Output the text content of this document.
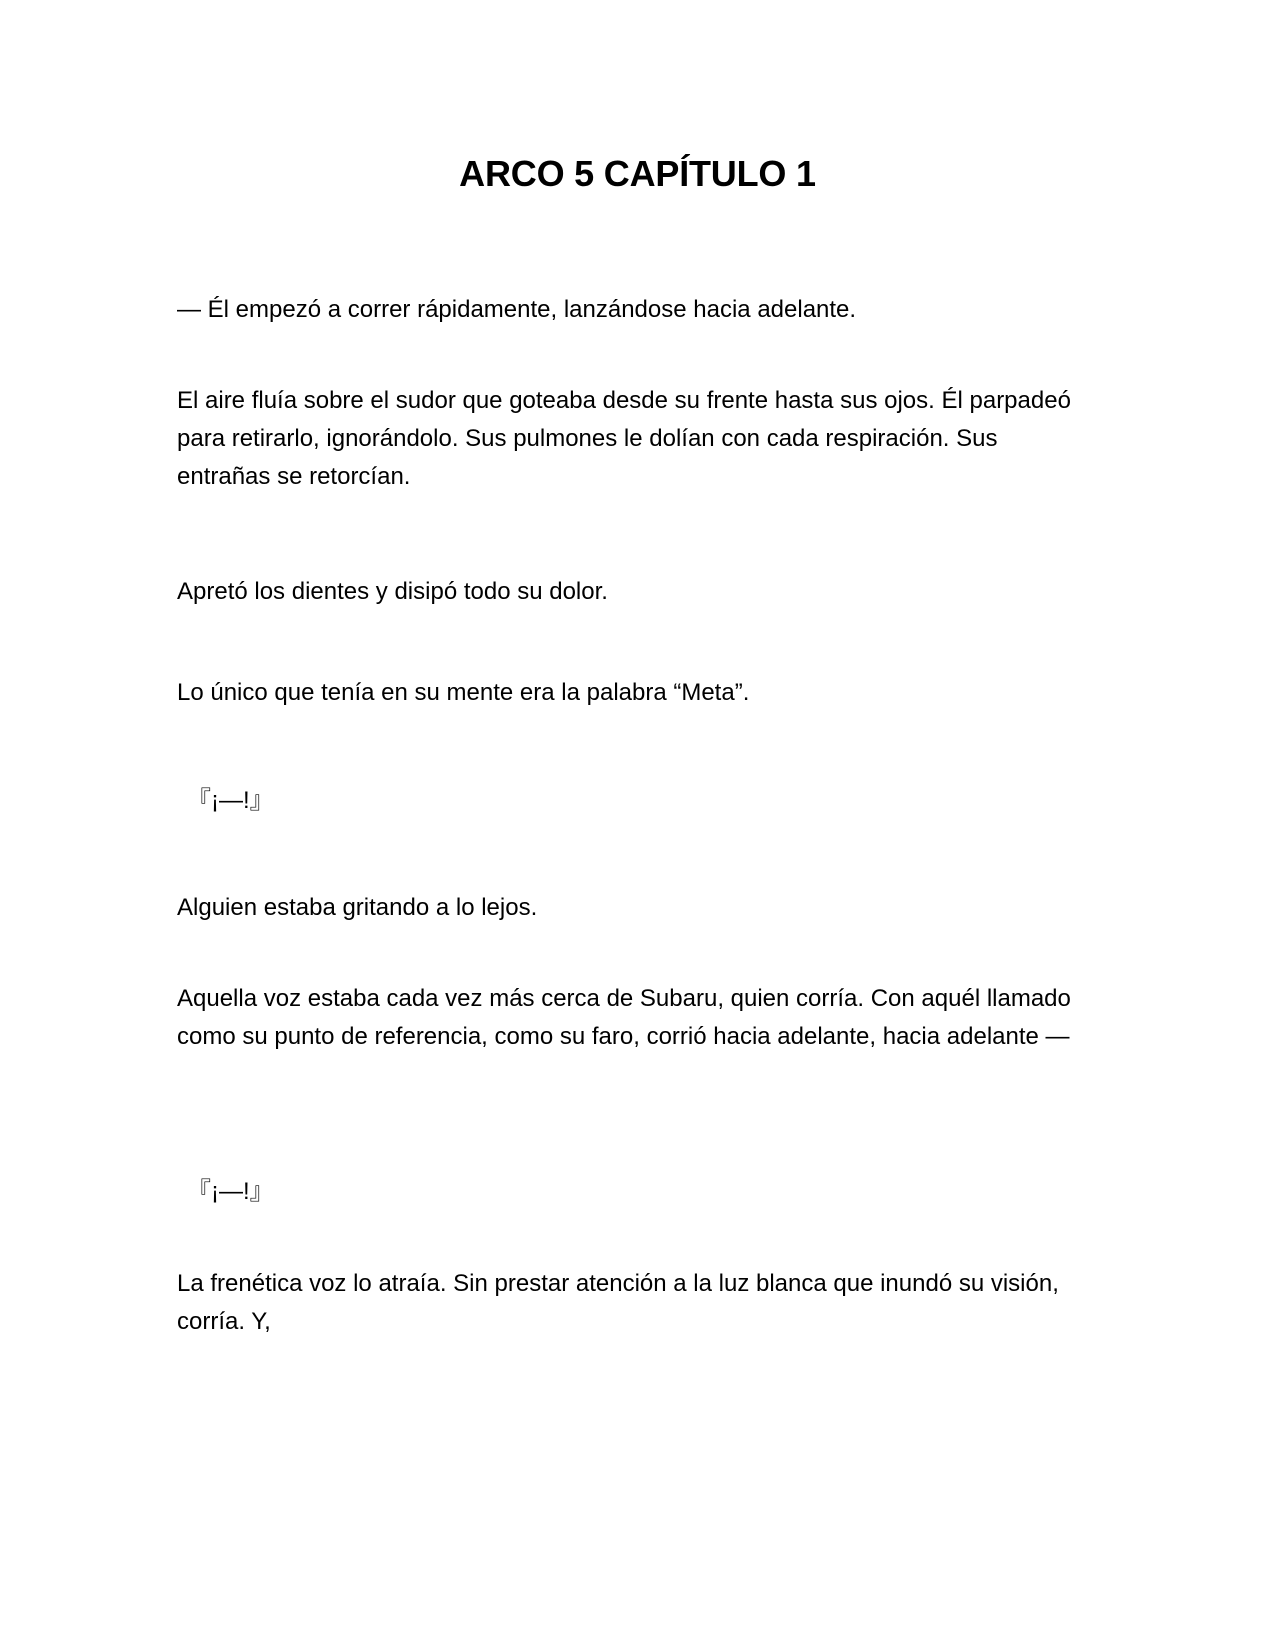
ARCO 5 CAPÍTULO 1

— Él empezó a correr rápidamente, lanzándose hacia adelante.

El aire fluía sobre el sudor que goteaba desde su frente hasta sus ojos. Él parpadeó para retirarlo, ignorándolo. Sus pulmones le dolían con cada respiración. Sus entrañas se retorcían.

Apretó los dientes y disipó todo su dolor.

Lo único que tenía en su mente era la palabra “Meta”.

『¡—!』

Alguien estaba gritando a lo lejos.

Aquella voz estaba cada vez más cerca de Subaru, quien corría. Con aquél llamado como su punto de referencia, como su faro, corrió hacia adelante, hacia adelante —

『¡—!』

La frenética voz lo atraía. Sin prestar atención a la luz blanca que inundó su visión, corría. Y,
